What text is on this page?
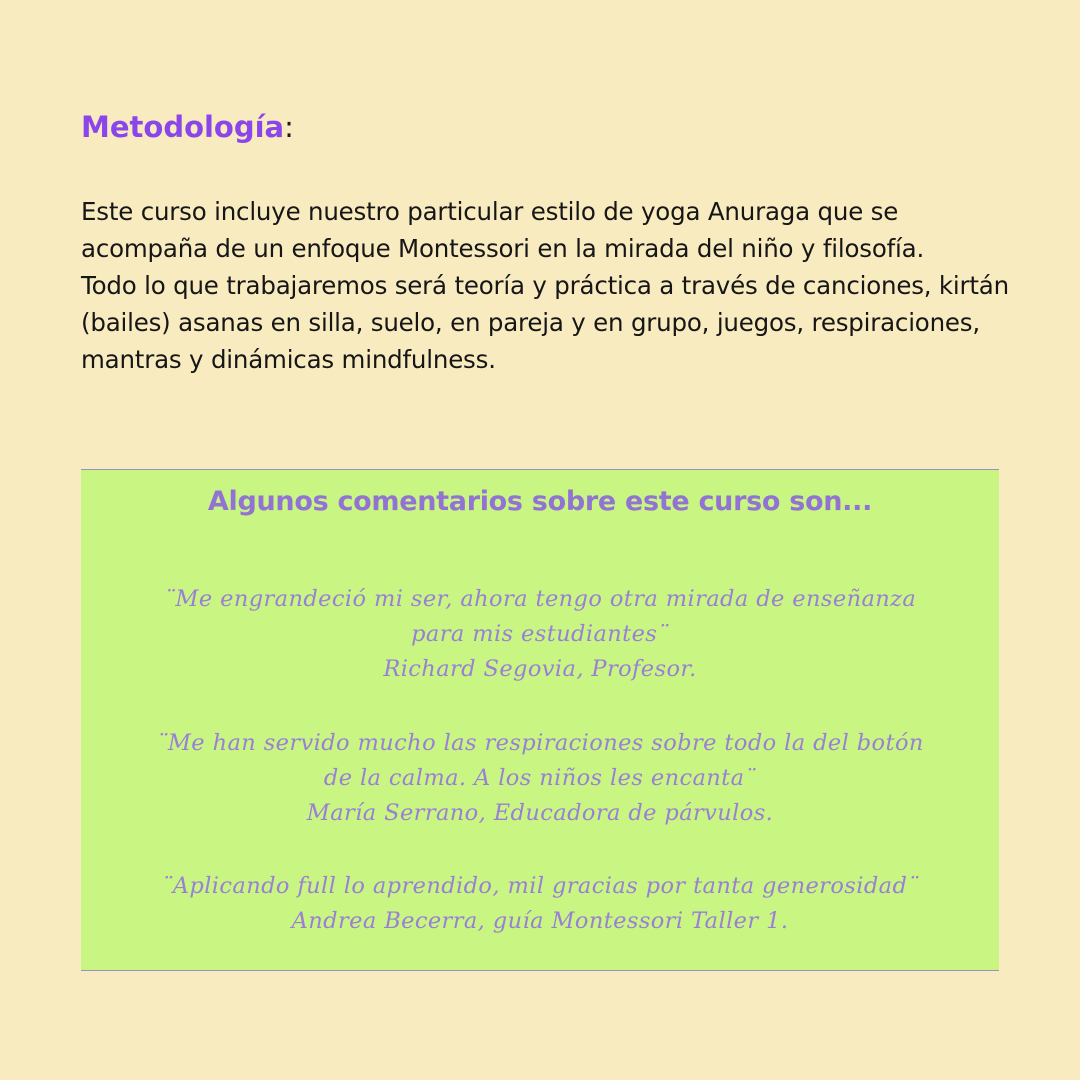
Metodología:

Este curso incluye nuestro particular estilo de yoga Anuraga que se acompaña de un enfoque Montessori en la mirada del niño y filosofía.

Todo lo que trabajaremos será teoría y práctica a través de canciones, kirtán (bailes) asanas en silla, suelo, en pareja y en grupo, juegos, respiraciones, mantras y dinámicas mindfulness.

Algunos comentarios sobre este curso son...
¨Me engrandeció mi ser, ahora tengo otra mirada de enseñanza
para mis estudiantes¨
Richard Segovia, Profesor.
¨Me han servido mucho las respiraciones sobre todo la del botón
de la calma. A los niños les encanta¨
María Serrano, Educadora de párvulos.
¨Aplicando full lo aprendido, mil gracias por tanta generosidad¨
Andrea Becerra, guía Montessori Taller 1.
